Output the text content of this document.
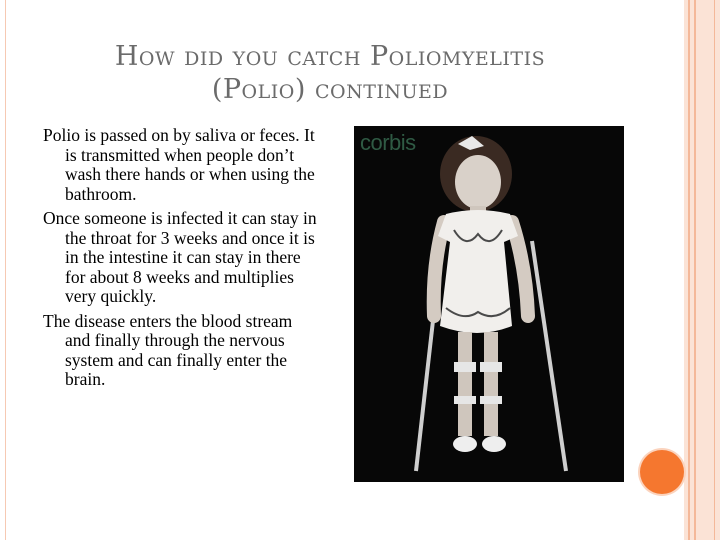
How did you catch Poliomyelitis
(Polio) continued

Polio is passed on by saliva or feces. It is transmitted when people don’t wash there hands or when using the bathroom.

Once someone is infected it can stay in the throat for 3 weeks and once it is in the intestine it can stay in there for about 8 weeks and multiplies very quickly.

The disease enters the blood stream and finally through the nervous system and can finally enter the brain.

corbis
